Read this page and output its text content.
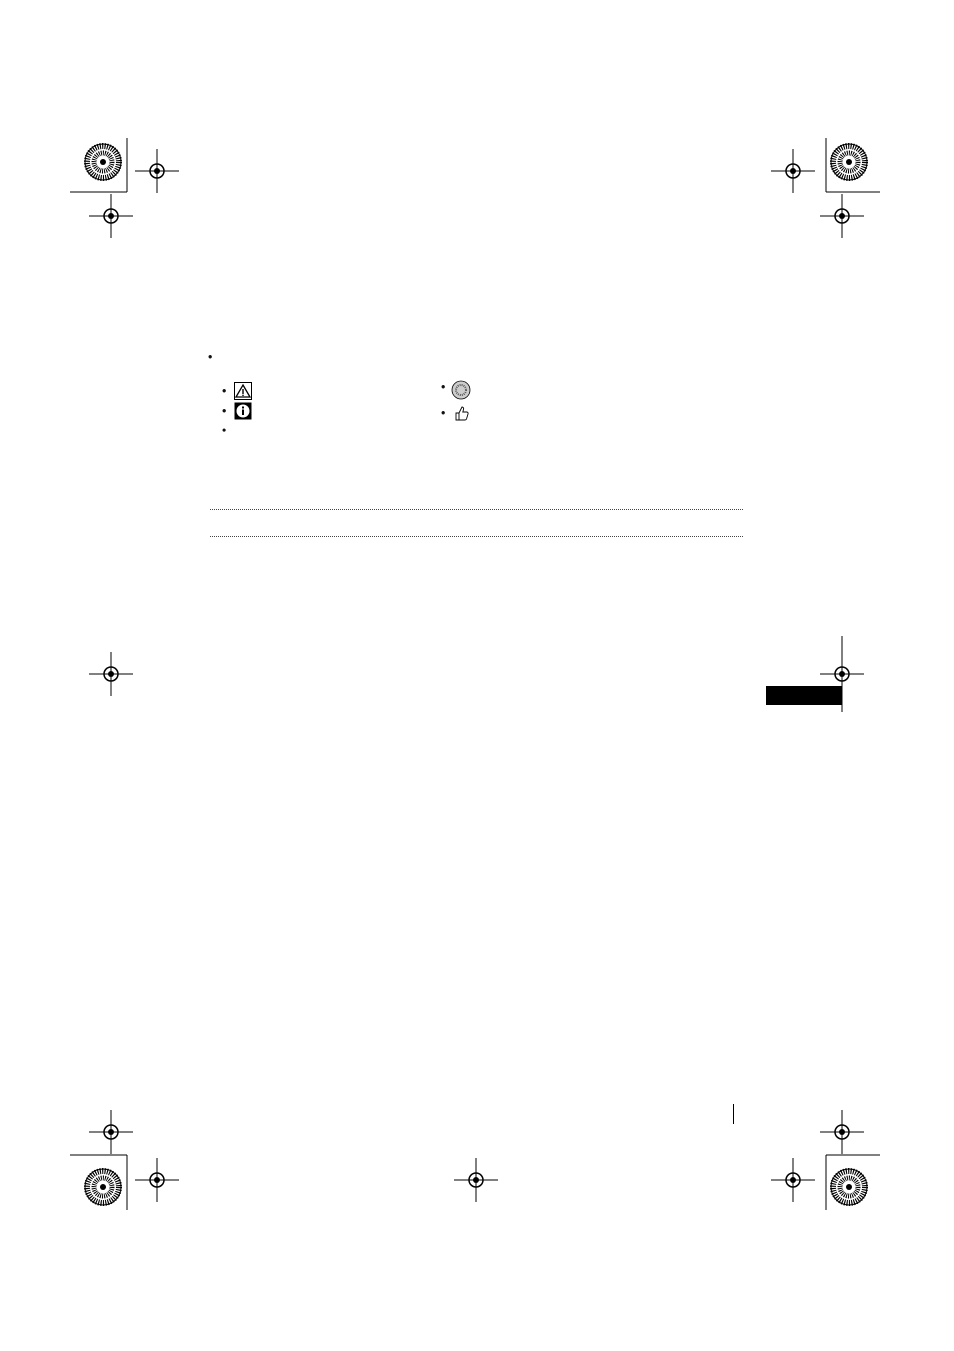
•
•
•
•
•
•
